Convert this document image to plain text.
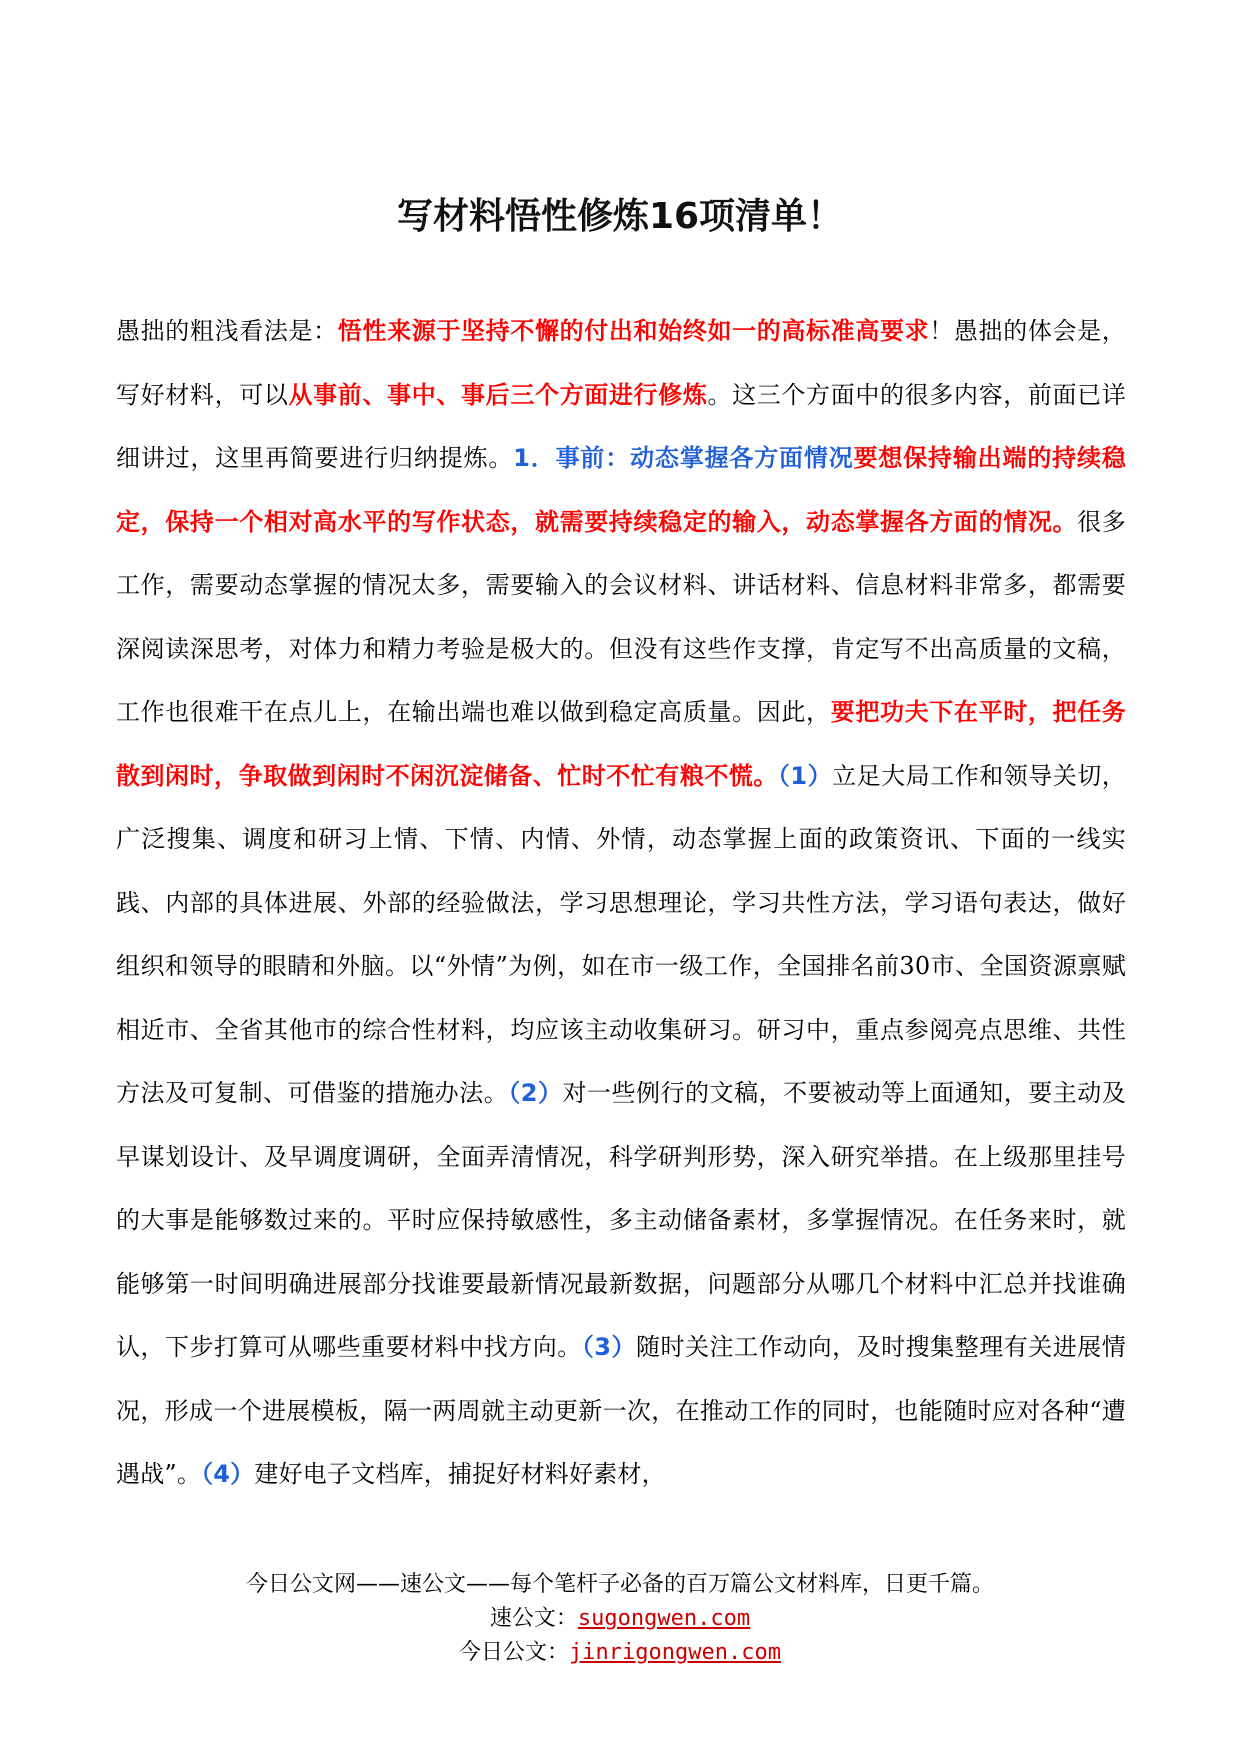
写材料悟性修炼16项清单！
愚拙的粗浅看法是：悟性来源于坚持不懈的付出和始终如一的高标准高要求！愚拙的体会是，写好材料，可以从事前、事中、事后三个方面进行修炼。这三个方面中的很多内容，前面已详细讲过，这里再简要进行归纳提炼。1．事前：动态掌握各方面情况要想保持输出端的持续稳定，保持一个相对高水平的写作状态，就需要持续稳定的输入，动态掌握各方面的情况。很多工作，需要动态掌握的情况太多，需要输入的会议材料、讲话材料、信息材料非常多，都需要深阅读深思考，对体力和精力考验是极大的。但没有这些作支撑，肯定写不出高质量的文稿，工作也很难干在点儿上，在输出端也难以做到稳定高质量。因此，要把功夫下在平时，把任务散到闲时，争取做到闲时不闲沉淀储备、忙时不忙有粮不慌。（1）立足大局工作和领导关切，广泛搜集、调度和研习上情、下情、内情、外情，动态掌握上面的政策资讯、下面的一线实践、内部的具体进展、外部的经验做法，学习思想理论，学习共性方法，学习语句表达，做好组织和领导的眼睛和外脑。以“外情”为例，如在市一级工作，全国排名前30市、全国资源禀赋相近市、全省其他市的综合性材料，均应该主动收集研习。研习中，重点参阅亮点思维、共性方法及可复制、可借鉴的措施办法。（2）对一些例行的文稿，不要被动等上面通知，要主动及早谋划设计、及早调度调研，全面弄清情况，科学研判形势，深入研究举措。在上级那里挂号的大事是能够数过来的。平时应保持敏感性，多主动储备素材，多掌握情况。在任务来时，就能够第一时间明确进展部分找谁要最新情况最新数据，问题部分从哪几个材料中汇总并找谁确认，下步打算可从哪些重要材料中找方向。（3）随时关注工作动向，及时搜集整理有关进展情况，形成一个进展模板，隔一两周就主动更新一次，在推动工作的同时，也能随时应对各种“遭遇战”。（4）建好电子文档库，捕捉好材料好素材，
今日公文网——速公文——每个笔杆子必备的百万篇公文材料库，日更千篇。
速公文：sugongwen.com
今日公文：jinrigongwen.com
